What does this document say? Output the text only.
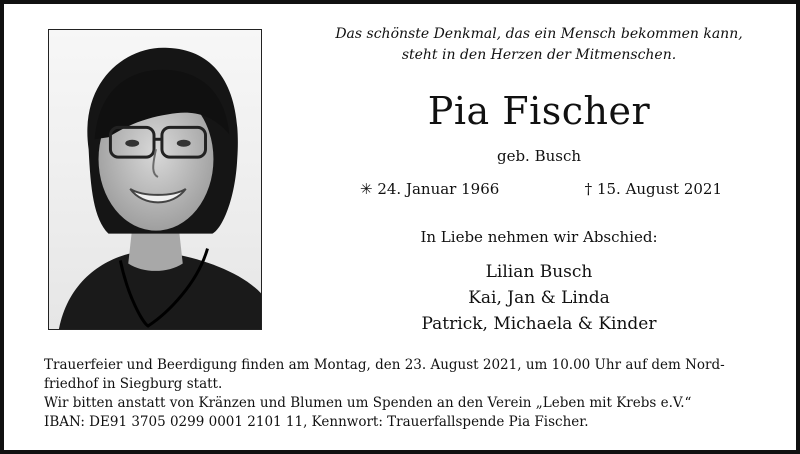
Das schönste Denkmal, das ein Mensch bekommen kann,
steht in den Herzen der Mitmenschen.
Pia Fischer
geb. Busch
✳ 24. Januar 1966	† 15. August 2021
In Liebe nehmen wir Abschied:
Lilian Busch
Kai, Jan & Linda
Patrick, Michaela & Kinder
Trauerfeier und Beerdigung finden am Montag, den 23. August 2021, um 10.00 Uhr auf dem Nord-
friedhof in Siegburg statt.
Wir bitten anstatt von Kränzen und Blumen um Spenden an den Verein „Leben mit Krebs e.V.“
IBAN: DE91 3705 0299 0001 2101 11, Kennwort: Trauerfallspende Pia Fischer.
